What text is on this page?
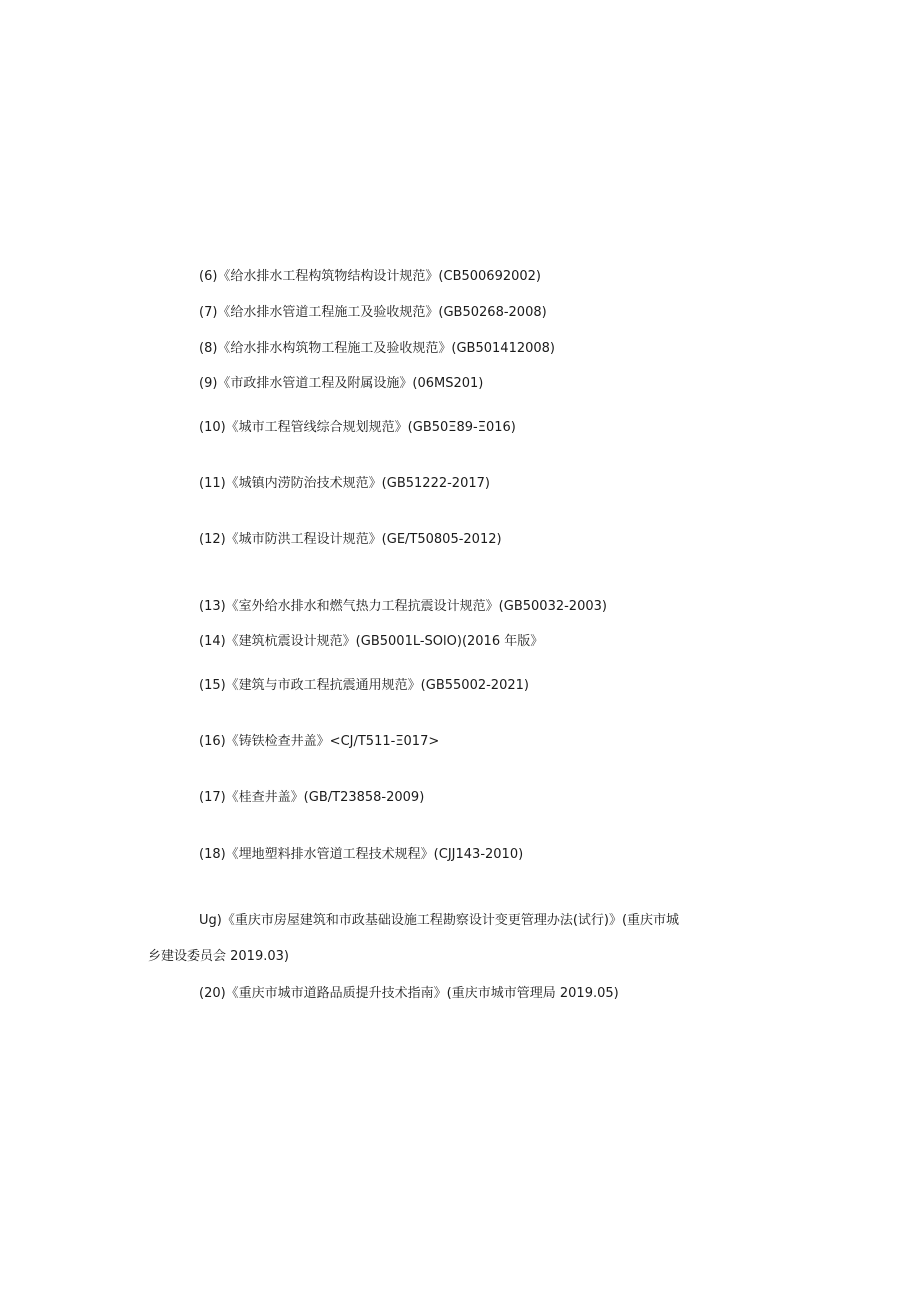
(6)《给水排水工程构筑物结构设计规范》(CB500692002)
(7)《给水排水管道工程施工及验收规范》(GB50268-2008)
(8)《给水排水构筑物工程施工及验收规范》(GB501412008)
(9)《市政排水管道工程及附属设施》(06MS201)
(10)《城市工程管线综合规划规范》(GB50Ξ89-Ξ016)
(11)《城镇内涝防治技术规范》(GB51222-2017)
(12)《城市防洪工程设计规范》(GE/T50805-2012)
(13)《室外给水排水和燃气热力工程抗震设计规范》(GB50032-2003)
(14)《建筑杭震设计规范》(GB5001L-SOlO)(2016 年版》
(15)《建筑与市政工程抗震通用规范》(GB55002-2021)
(16)《铸铁检查井盖》<CJ∕T511-Ξ017>
(17)《桂查井盖》(GB/T23858-2009)
(18)《埋地塑料排水管道工程技术规程》(CJJ143-2010)
Ug)《重庆市房屋建筑和市政基础设施工程勘察设计变更管理办法(试行)》(重庆市城
乡建设委员会 2019.03)
(20)《重庆市城市道路品质提升技术指南》(重庆市城市管理局 2019.05)
